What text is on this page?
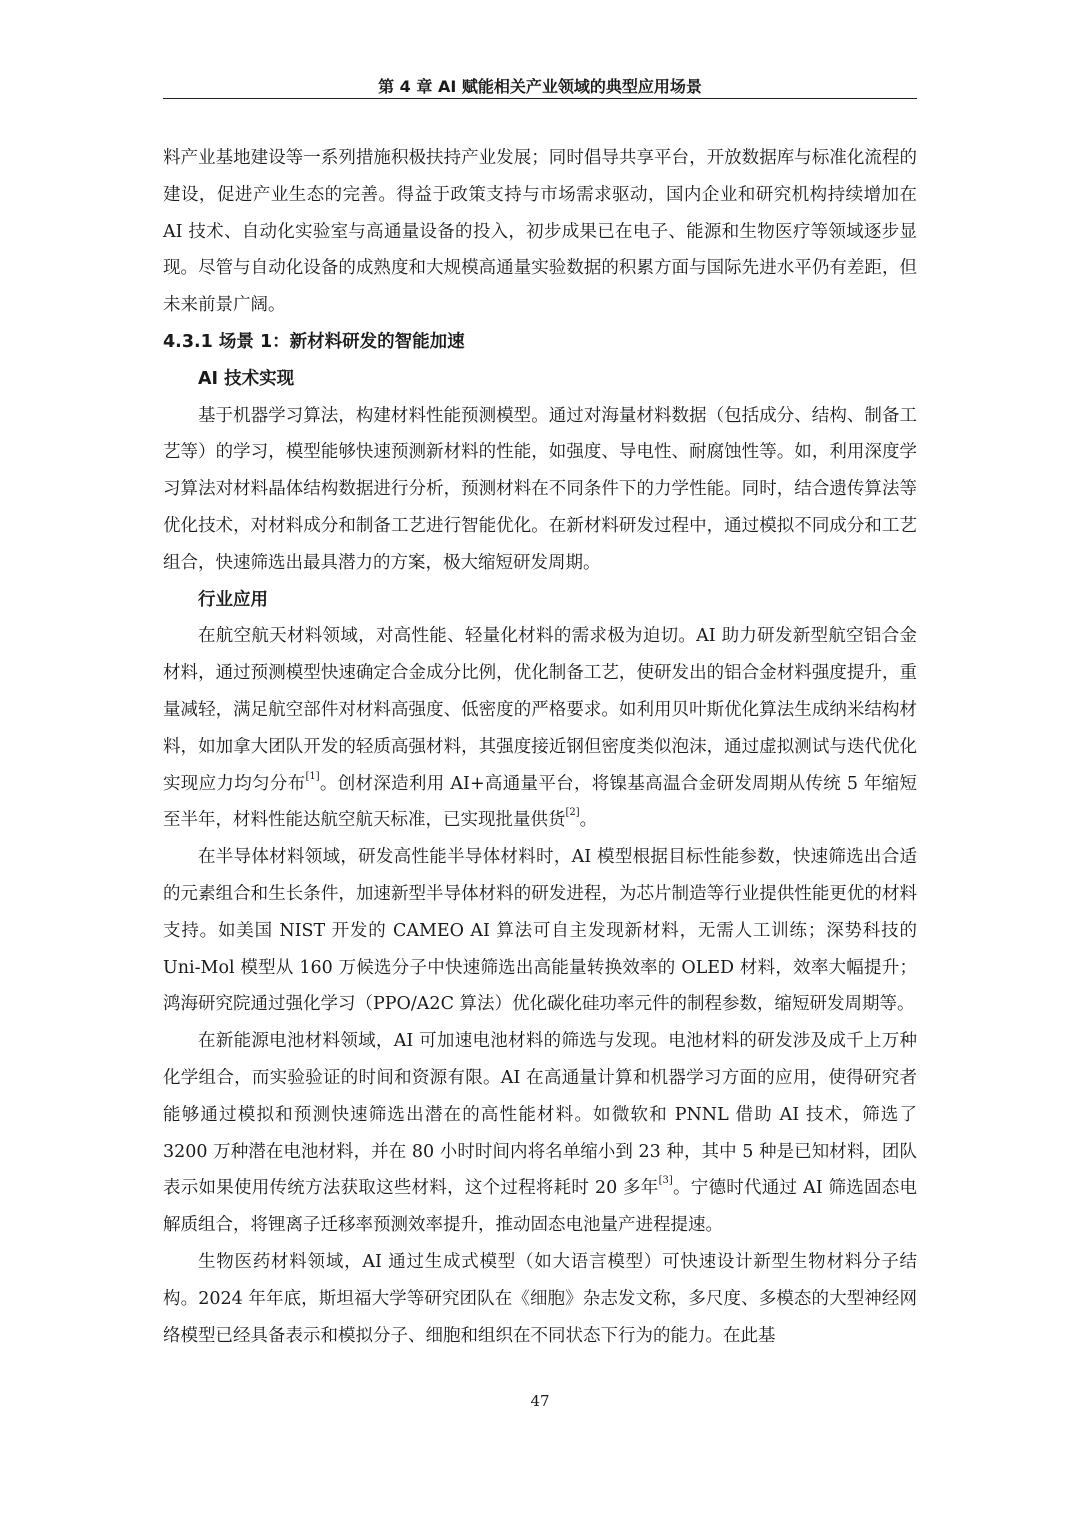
第 4 章 AI 赋能相关产业领域的典型应用场景

料产业基地建设等一系列措施积极扶持产业发展；同时倡导共享平台，开放数据库与标准化流程的建设，促进产业生态的完善。得益于政策支持与市场需求驱动，国内企业和研究机构持续增加在 AI 技术、自动化实验室与高通量设备的投入，初步成果已在电子、能源和生物医疗等领域逐步显现。尽管与自动化设备的成熟度和大规模高通量实验数据的积累方面与国际先进水平仍有差距，但未来前景广阔。

4.3.1 场景 1：新材料研发的智能加速

AI 技术实现

基于机器学习算法，构建材料性能预测模型。通过对海量材料数据（包括成分、结构、制备工艺等）的学习，模型能够快速预测新材料的性能，如强度、导电性、耐腐蚀性等。如，利用深度学习算法对材料晶体结构数据进行分析，预测材料在不同条件下的力学性能。同时，结合遗传算法等优化技术，对材料成分和制备工艺进行智能优化。在新材料研发过程中，通过模拟不同成分和工艺组合，快速筛选出最具潜力的方案，极大缩短研发周期。

行业应用

在航空航天材料领域，对高性能、轻量化材料的需求极为迫切。AI 助力研发新型航空铝合金材料，通过预测模型快速确定合金成分比例，优化制备工艺，使研发出的铝合金材料强度提升，重量减轻，满足航空部件对材料高强度、低密度的严格要求。如利用贝叶斯优化算法生成纳米结构材料，如加拿大团队开发的轻质高强材料，其强度接近钢但密度类似泡沫，通过虚拟测试与迭代优化实现应力均匀分布[1]。创材深造利用 AI+高通量平台，将镍基高温合金研发周期从传统 5 年缩短至半年，材料性能达航空航天标准，已实现批量供货[2]。

在半导体材料领域，研发高性能半导体材料时，AI 模型根据目标性能参数，快速筛选出合适的元素组合和生长条件，加速新型半导体材料的研发进程，为芯片制造等行业提供性能更优的材料支持。如美国 NIST 开发的 CAMEO AI 算法可自主发现新材料，无需人工训练；深势科技的 Uni-Mol 模型从 160 万候选分子中快速筛选出高能量转换效率的 OLED 材料，效率大幅提升；鸿海研究院通过强化学习（PPO/A2C 算法）优化碳化硅功率元件的制程参数，缩短研发周期等。

在新能源电池材料领域，AI 可加速电池材料的筛选与发现。电池材料的研发涉及成千上万种化学组合，而实验验证的时间和资源有限。AI 在高通量计算和机器学习方面的应用，使得研究者能够通过模拟和预测快速筛选出潜在的高性能材料。如微软和 PNNL 借助 AI 技术，筛选了 3200 万种潜在电池材料，并在 80 小时时间内将名单缩小到 23 种，其中 5 种是已知材料，团队表示如果使用传统方法获取这些材料，这个过程将耗时 20 多年[3]。宁德时代通过 AI 筛选固态电解质组合，将锂离子迁移率预测效率提升，推动固态电池量产进程提速。

生物医药材料领域，AI 通过生成式模型（如大语言模型）可快速设计新型生物材料分子结构。2024 年年底，斯坦福大学等研究团队在《细胞》杂志发文称，多尺度、多模态的大型神经网络模型已经具备表示和模拟分子、细胞和组织在不同状态下行为的能力。在此基

47
